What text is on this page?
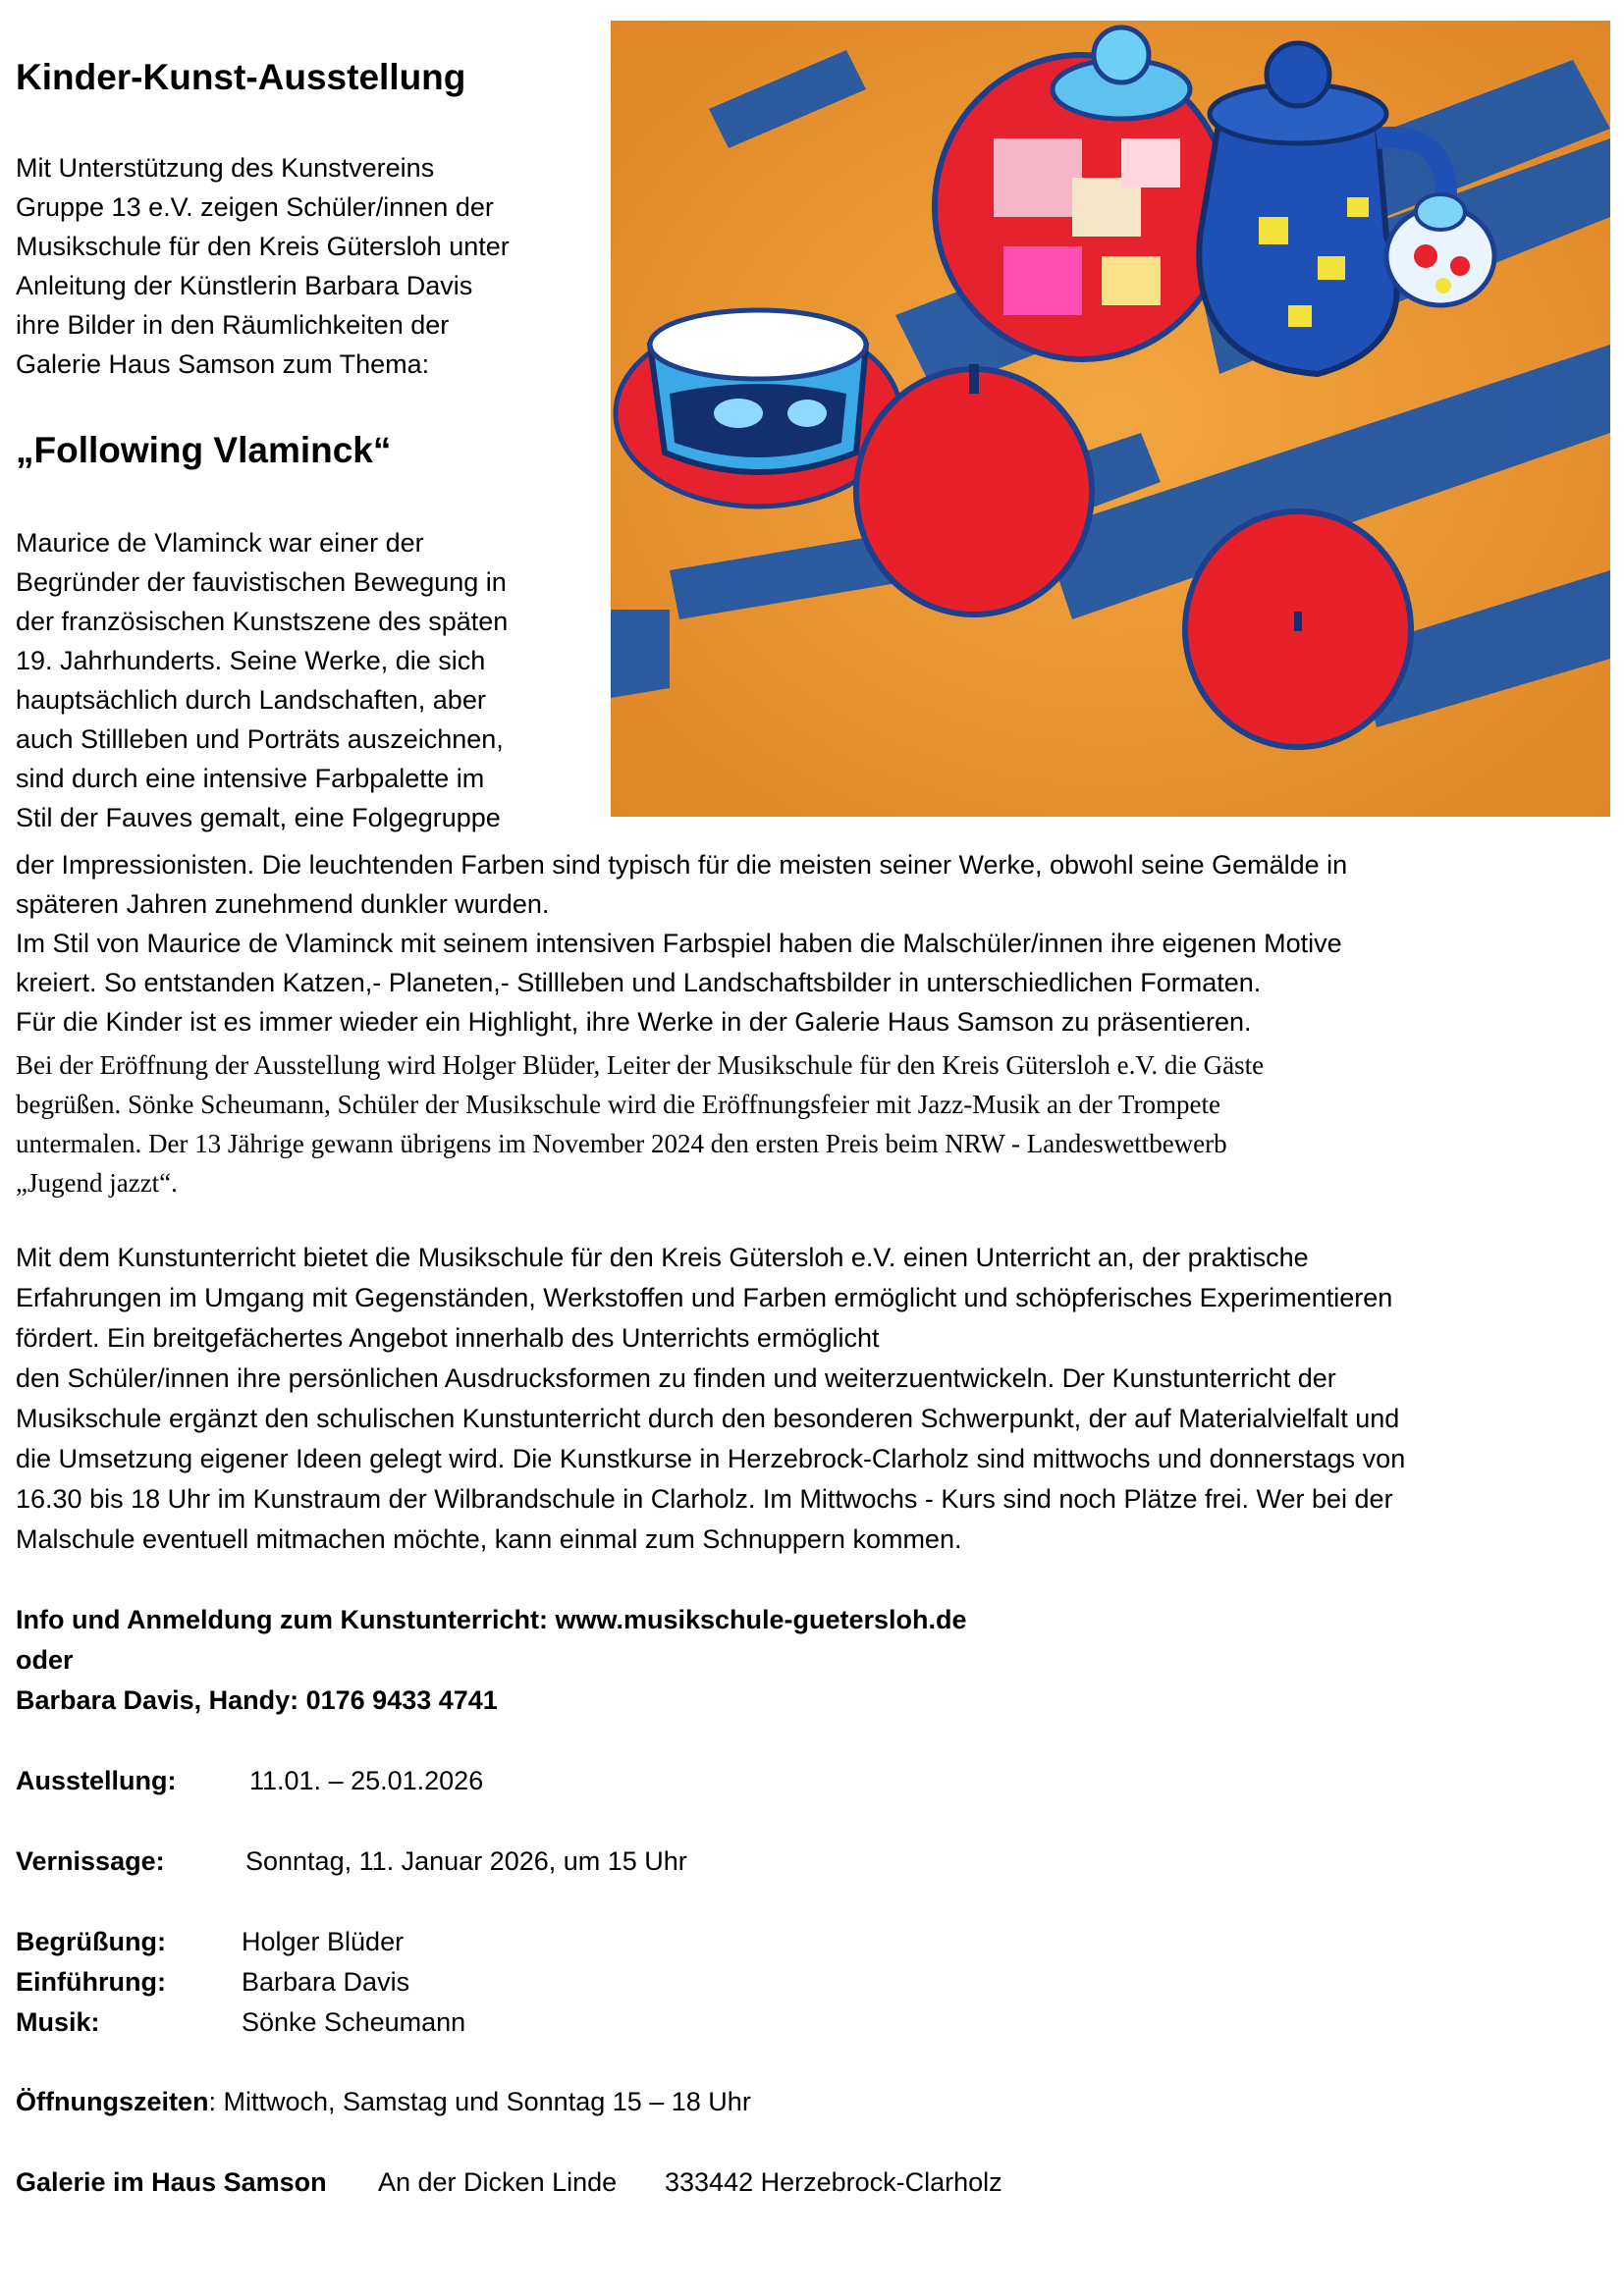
Kinder-Kunst-Ausstellung
Mit Unterstützung des Kunstvereins
Gruppe 13 e.V. zeigen Schüler/innen der
Musikschule für den Kreis Gütersloh unter
Anleitung der Künstlerin Barbara Davis
ihre Bilder in den Räumlichkeiten der
Galerie Haus Samson zum Thema:
„Following Vlaminck“
Maurice de Vlaminck war einer der
Begründer der fauvistischen Bewegung in
der französischen Kunstszene des späten
19. Jahrhunderts. Seine Werke, die sich
hauptsächlich durch Landschaften, aber
auch Stillleben und Porträts auszeichnen,
sind durch eine intensive Farbpalette im
Stil der Fauves gemalt, eine Folgegruppe
der Impressionisten. Die leuchtenden Farben sind typisch für die meisten seiner Werke, obwohl seine Gemälde in
späteren Jahren zunehmend dunkler wurden.
Im Stil von Maurice de Vlaminck mit seinem intensiven Farbspiel haben die Malschüler/innen ihre eigenen Motive
kreiert. So entstanden Katzen,- Planeten,- Stillleben und Landschaftsbilder in unterschiedlichen Formaten.
Für die Kinder ist es immer wieder ein Highlight, ihre Werke in der Galerie Haus Samson zu präsentieren.
Bei der Eröffnung der Ausstellung wird Holger Blüder, Leiter der Musikschule für den Kreis Gütersloh e.V. die Gäste
begrüßen. Sönke Scheumann, Schüler der Musikschule wird die Eröffnungsfeier mit Jazz-Musik an der Trompete
untermalen. Der 13 Jährige gewann übrigens im November 2024 den ersten Preis beim NRW - Landeswettbewerb
„Jugend jazzt“.
Mit dem Kunstunterricht bietet die Musikschule für den Kreis Gütersloh e.V. einen Unterricht an, der praktische
Erfahrungen im Umgang mit Gegenständen, Werkstoffen und Farben ermöglicht und schöpferisches Experimentieren
fördert. Ein breitgefächertes Angebot innerhalb des Unterrichts ermöglicht
den Schüler/innen ihre persönlichen Ausdrucksformen zu finden und weiterzuentwickeln. Der Kunstunterricht der
Musikschule ergänzt den schulischen Kunstunterricht durch den besonderen Schwerpunkt, der auf Materialvielfalt und
die Umsetzung eigener Ideen gelegt wird. Die Kunstkurse in Herzebrock-Clarholz sind mittwochs und donnerstags von
16.30 bis 18 Uhr im Kunstraum der Wilbrandschule in Clarholz. Im Mittwochs - Kurs sind noch Plätze frei. Wer bei der
Malschule eventuell mitmachen möchte, kann einmal zum Schnuppern kommen.
Info und Anmeldung zum Kunstunterricht: www.musikschule-guetersloh.de
oder
Barbara Davis, Handy: 0176 9433 4741
Ausstellung:	11.01. – 25.01.2026
Vernissage:	Sonntag, 11. Januar 2026, um 15 Uhr
Begrüßung:	Holger Blüder
Einführung:	Barbara Davis
Musik:	Sönke Scheumann
Öffnungszeiten: Mittwoch, Samstag und Sonntag 15 – 18 Uhr
Galerie im Haus Samson An der Dicken Linde 333442 Herzebrock-Clarholz
